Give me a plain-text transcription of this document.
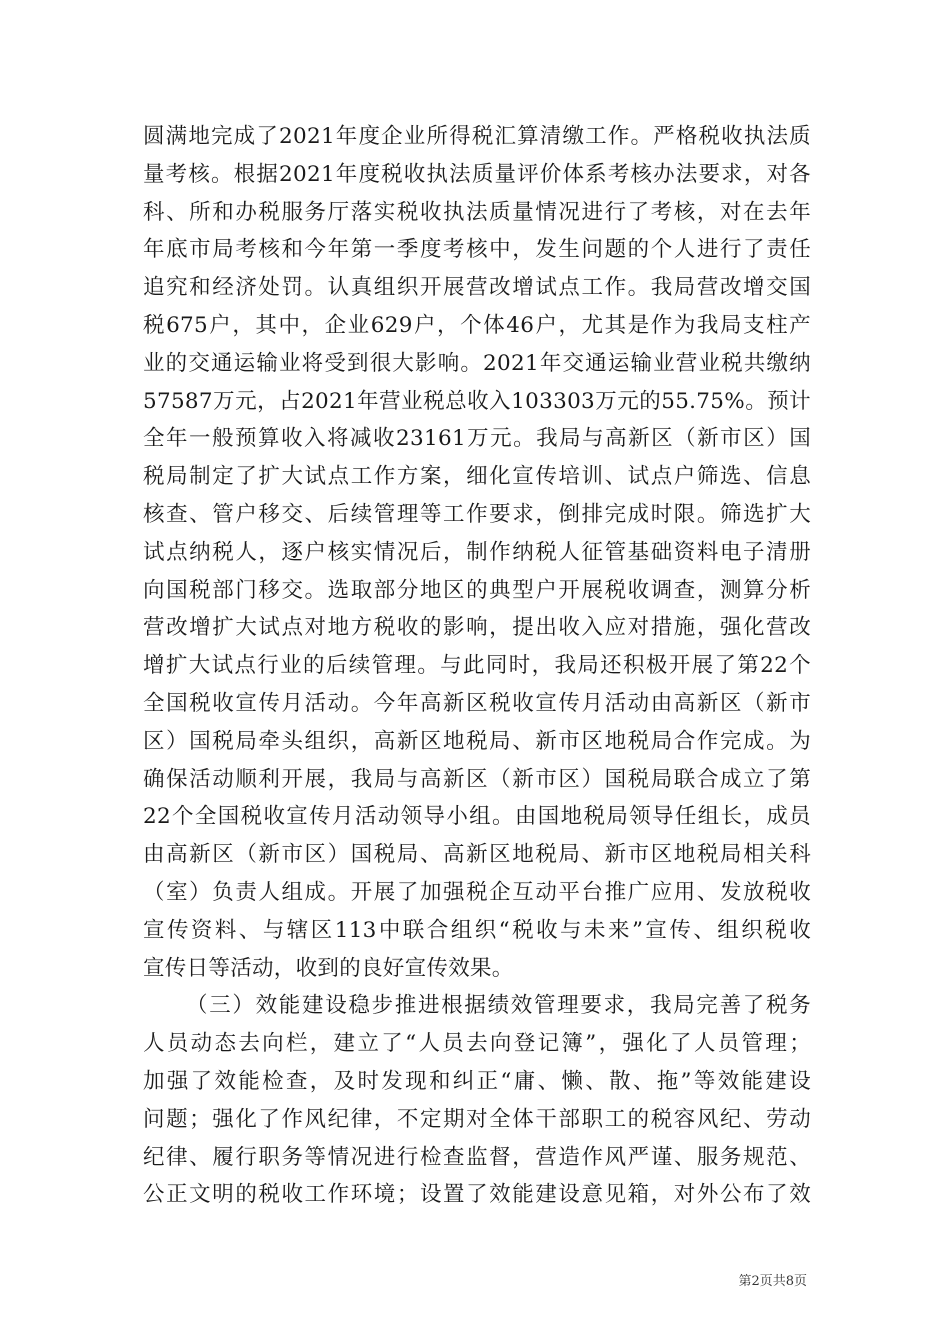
圆满地完成了2021年度企业所得税汇算清缴工作。严格税收执法质
量考核。根据2021年度税收执法质量评价体系考核办法要求，对各
科、所和办税服务厅落实税收执法质量情况进行了考核，对在去年
年底市局考核和今年第一季度考核中，发生问题的个人进行了责任
追究和经济处罚。认真组织开展营改增试点工作。我局营改增交国
税675户，其中，企业629户，个体46户，尤其是作为我局支柱产
业的交通运输业将受到很大影响。2021年交通运输业营业税共缴纳
57587万元，占2021年营业税总收入103303万元的55.75%。预计
全年一般预算收入将减收23161万元。我局与高新区（新市区）国
税局制定了扩大试点工作方案，细化宣传培训、试点户筛选、信息
核查、管户移交、后续管理等工作要求，倒排完成时限。筛选扩大
试点纳税人，逐户核实情况后，制作纳税人征管基础资料电子清册
向国税部门移交。选取部分地区的典型户开展税收调查，测算分析
营改增扩大试点对地方税收的影响，提出收入应对措施，强化营改
增扩大试点行业的后续管理。与此同时，我局还积极开展了第22个
全国税收宣传月活动。今年高新区税收宣传月活动由高新区（新市
区）国税局牵头组织，高新区地税局、新市区地税局合作完成。为
确保活动顺利开展，我局与高新区（新市区）国税局联合成立了第
22个全国税收宣传月活动领导小组。由国地税局领导任组长，成员
由高新区（新市区）国税局、高新区地税局、新市区地税局相关科
（室）负责人组成。开展了加强税企互动平台推广应用、发放税收
宣传资料、与辖区113中联合组织“税收与未来”宣传、组织税收
宣传日等活动，收到的良好宣传效果。
（三）效能建设稳步推进根据绩效管理要求，我局完善了税务
人员动态去向栏，建立了“人员去向登记簿”，强化了人员管理；
加强了效能检查，及时发现和纠正“庸、懒、散、拖”等效能建设
问题；强化了作风纪律，不定期对全体干部职工的税容风纪、劳动
纪律、履行职务等情况进行检查监督，营造作风严谨、服务规范、
公正文明的税收工作环境；设置了效能建设意见箱，对外公布了效
第2页共8页
